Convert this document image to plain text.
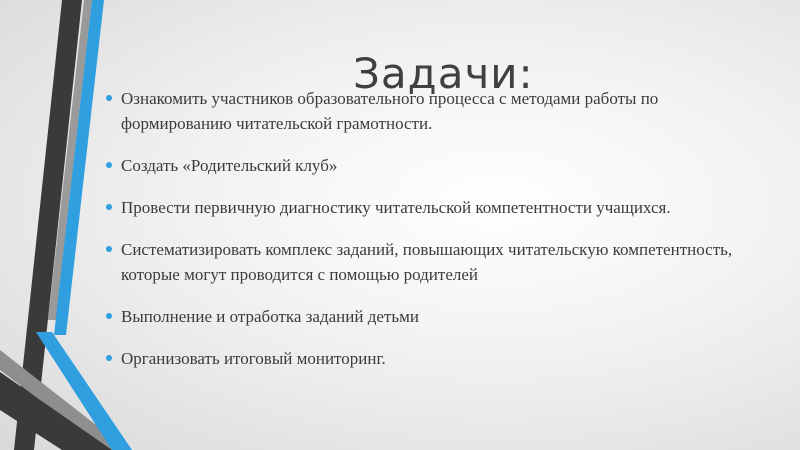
Задачи:
Ознакомить участников образовательного процесса с методами работы по формированию читательской грамотности.
Создать «Родительский клуб»
Провести первичную диагностику читательской компетентности учащихся.
Систематизировать комплекс заданий, повышающих читательскую компетентность, которые могут проводится с помощью родителей
Выполнение и отработка заданий детьми
Организовать итоговый мониторинг.
